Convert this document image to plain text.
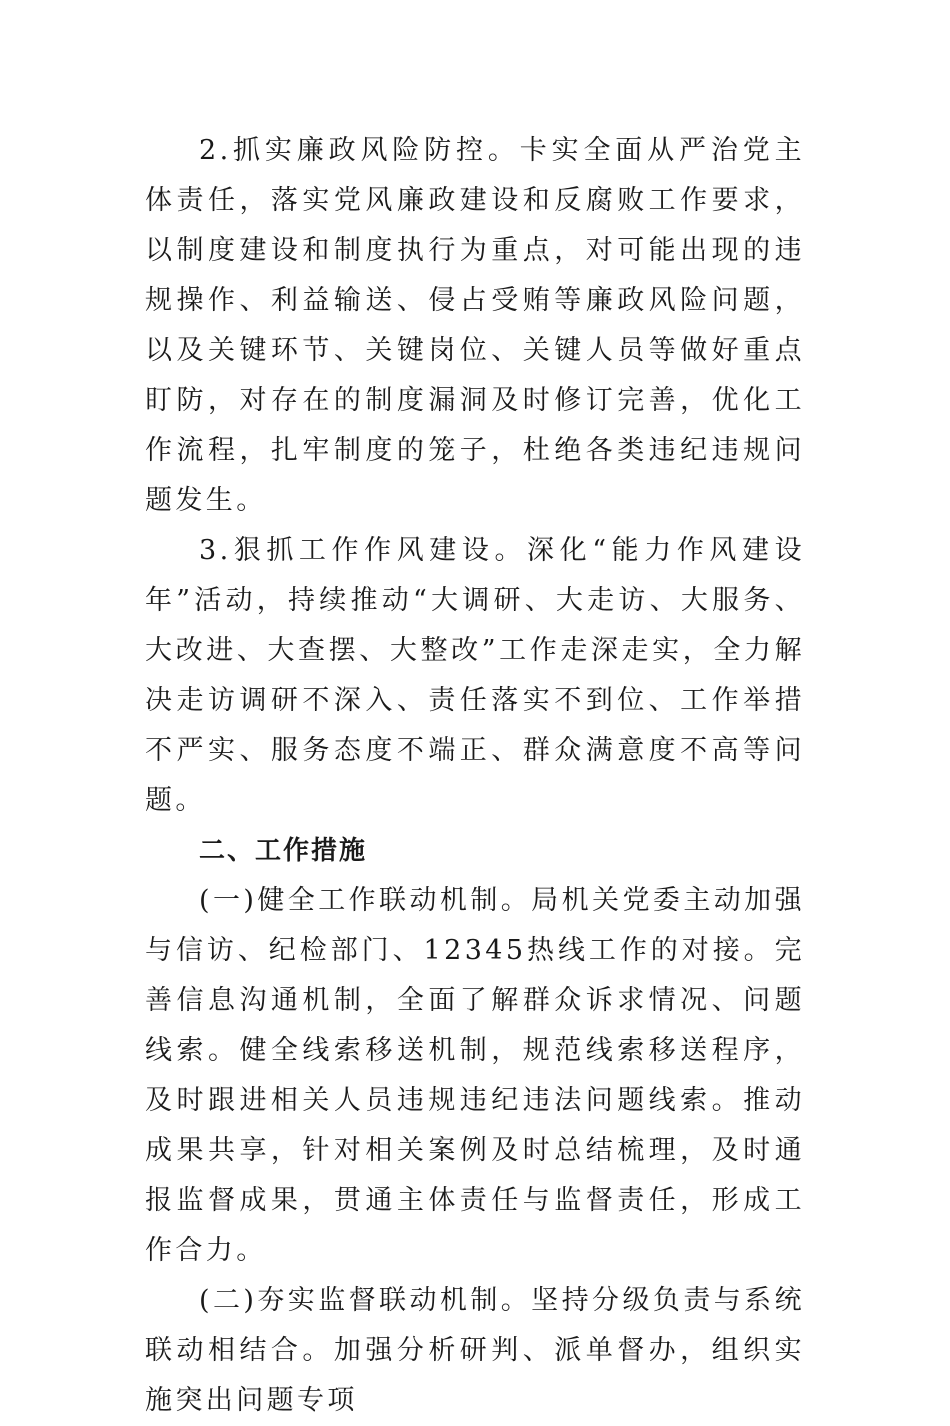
2.抓实廉政风险防控。卡实全面从严治党主体责任，落实党风廉政建设和反腐败工作要求，以制度建设和制度执行为重点，对可能出现的违规操作、利益输送、侵占受贿等廉政风险问题，以及关键环节、关键岗位、关键人员等做好重点盯防，对存在的制度漏洞及时修订完善，优化工作流程，扎牢制度的笼子，杜绝各类违纪违规问题发生。

3.狠抓工作作风建设。深化“能力作风建设年”活动，持续推动“大调研、大走访、大服务、大改进、大查摆、大整改”工作走深走实，全力解决走访调研不深入、责任落实不到位、工作举措不严实、服务态度不端正、群众满意度不高等问题。

二、工作措施

(一)健全工作联动机制。局机关党委主动加强与信访、纪检部门、12345热线工作的对接。完善信息沟通机制，全面了解群众诉求情况、问题线索。健全线索移送机制，规范线索移送程序，及时跟进相关人员违规违纪违法问题线索。推动成果共享，针对相关案例及时总结梳理，及时通报监督成果，贯通主体责任与监督责任，形成工作合力。

(二)夯实监督联动机制。坚持分级负责与系统联动相结合。加强分析研判、派单督办，组织实施突出问题专项
